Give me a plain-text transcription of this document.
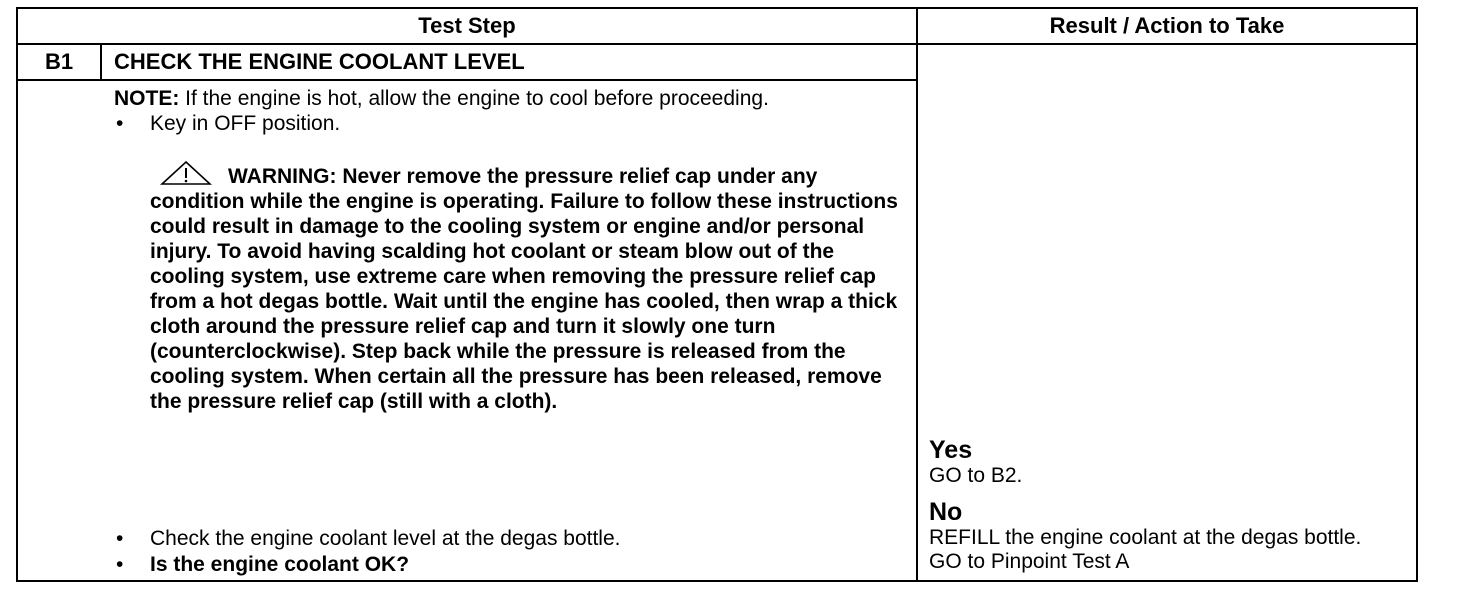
Test Step	Result / Action to Take
B1	CHECK THE ENGINE COOLANT LEVEL

NOTE: If the engine is hot, allow the engine to cool before proceeding.

• Key in OFF position.

WARNING: Never remove the pressure relief cap under any condition while the engine is operating. Failure to follow these instructions could result in damage to the cooling system or engine and/or personal injury. To avoid having scalding hot coolant or steam blow out of the cooling system, use extreme care when removing the pressure relief cap from a hot degas bottle. Wait until the engine has cooled, then wrap a thick cloth around the pressure relief cap and turn it slowly one turn (counterclockwise). Step back while the pressure is released from the cooling system. When certain all the pressure has been released, remove the pressure relief cap (still with a cloth).

• Check the engine coolant level at the degas bottle.

• Is the engine coolant OK?

Yes
GO to B2.
No
REFILL the engine coolant at the degas bottle. GO to Pinpoint Test A
